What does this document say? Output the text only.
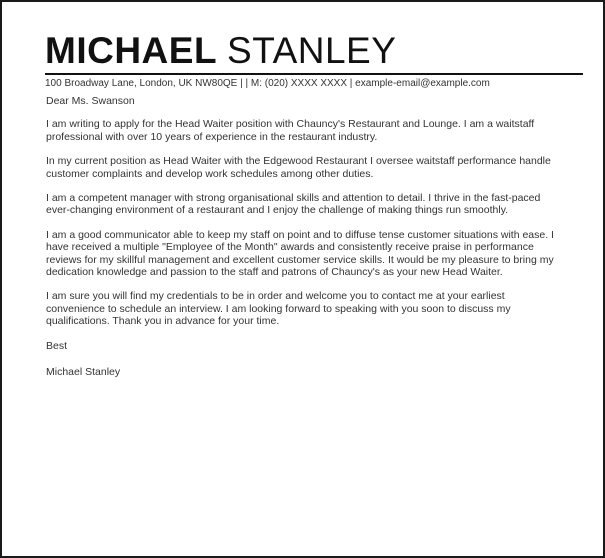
MICHAEL STANLEY
100 Broadway Lane, London, UK NW80QE | | M: (020) XXXX XXXX | example-email@example.com

Dear Ms. Swanson

I am writing to apply for the Head Waiter position with Chauncy's Restaurant and Lounge. I am a waitstaff professional with over 10 years of experience in the restaurant industry.

In my current position as Head Waiter with the Edgewood Restaurant I oversee waitstaff performance handle customer complaints and develop work schedules among other duties.

I am a competent manager with strong organisational skills and attention to detail. I thrive in the fast-paced ever-changing environment of a restaurant and I enjoy the challenge of making things run smoothly.

I am a good communicator able to keep my staff on point and to diffuse tense customer situations with ease. I have received a multiple "Employee of the Month" awards and consistently receive praise in performance reviews for my skillful management and excellent customer service skills. It would be my pleasure to bring my dedication knowledge and passion to the staff and patrons of Chauncy's as your new Head Waiter.

I am sure you will find my credentials to be in order and welcome you to contact me at your earliest convenience to schedule an interview. I am looking forward to speaking with you soon to discuss my qualifications. Thank you in advance for your time.

Best

Michael Stanley
